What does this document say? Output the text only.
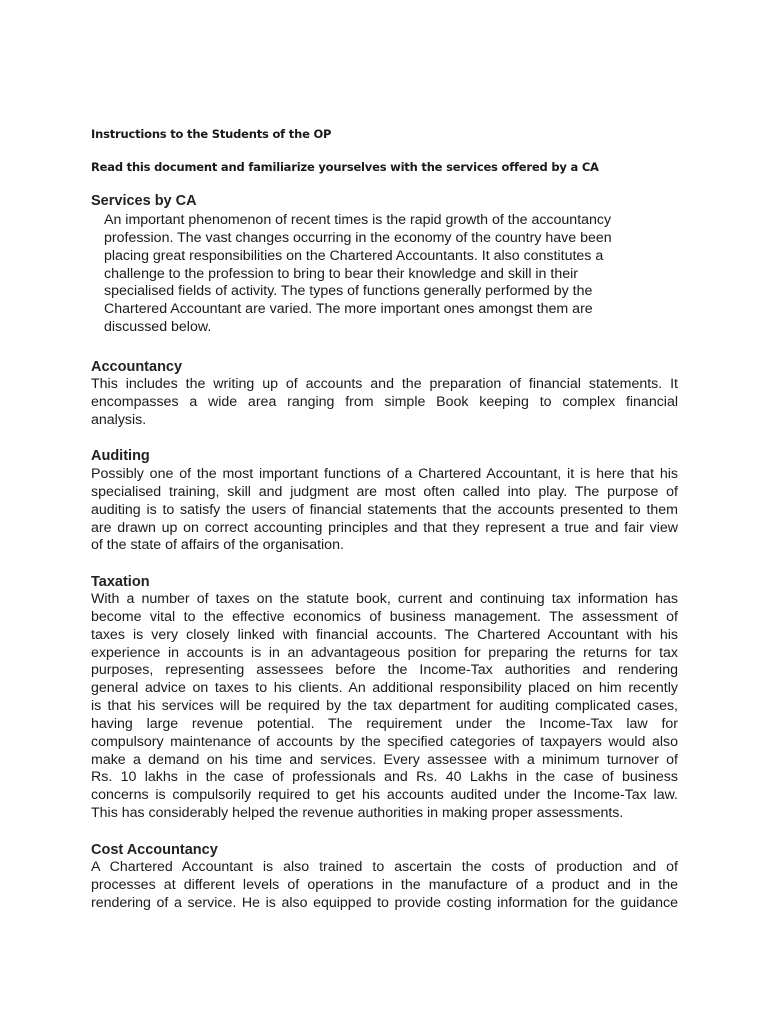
Instructions to the Students of the OP
Read this document and familiarize yourselves with the services offered by a CA
Services by CA
An important phenomenon of recent times is the rapid growth of the accountancy
profession. The vast changes occurring in the economy of the country have been
placing great responsibilities on the Chartered Accountants. It also constitutes a
challenge to the profession to bring to bear their knowledge and skill in their
specialised fields of activity. The types of functions generally performed by the
Chartered Accountant are varied. The more important ones amongst them are
discussed below.
Accountancy
This includes the writing up of accounts and the preparation of financial statements. It
encompasses a wide area ranging from simple Book keeping to complex financial
analysis.
Auditing
Possibly one of the most important functions of a Chartered Accountant, it is here that his
specialised training, skill and judgment are most often called into play. The purpose of
auditing is to satisfy the users of financial statements that the accounts presented to them
are drawn up on correct accounting principles and that they represent a true and fair view
of the state of affairs of the organisation.
Taxation
With a number of taxes on the statute book, current and continuing tax information has
become vital to the effective economics of business management. The assessment of
taxes is very closely linked with financial accounts. The Chartered Accountant with his
experience in accounts is in an advantageous position for preparing the returns for tax
purposes, representing assessees before the Income-Tax authorities and rendering
general advice on taxes to his clients. An additional responsibility placed on him recently
is that his services will be required by the tax department for auditing complicated cases,
having large revenue potential. The requirement under the Income-Tax law for
compulsory maintenance of accounts by the specified categories of taxpayers would also
make a demand on his time and services. Every assessee with a minimum turnover of
Rs. 10 lakhs in the case of professionals and Rs. 40 Lakhs in the case of business
concerns is compulsorily required to get his accounts audited under the Income-Tax law.
This has considerably helped the revenue authorities in making proper assessments.
Cost Accountancy
A Chartered Accountant is also trained to ascertain the costs of production and of
processes at different levels of operations in the manufacture of a product and in the
rendering of a service. He is also equipped to provide costing information for the guidance
